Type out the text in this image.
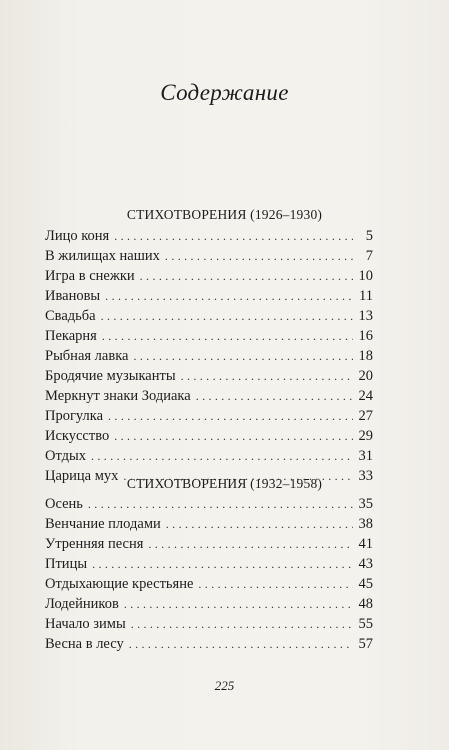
Содержание
СТИХОТВОРЕНИЯ (1926–1930)
Лицо коня . . .	5
В жилищах наших . . .	7
Игра в снежки . . .	10
Ивановы . . .	11
Свадьба . . .	13
Пекарня . . .	16
Рыбная лавка . . .	18
Бродячие музыканты . . .	20
Меркнут знаки Зодиака . . .	24
Прогулка . . .	27
Искусство . . .	29
Отдых . . .	31
Царица мух . . .	33
СТИХОТВОРЕНИЯ (1932–1958)
Осень . . .	35
Венчание плодами . . .	38
Утренняя песня . . .	41
Птицы . . .	43
Отдыхающие крестьяне . . .	45
Лодейников . . .	48
Начало зимы . . .	55
Весна в лесу . . .	57
225
